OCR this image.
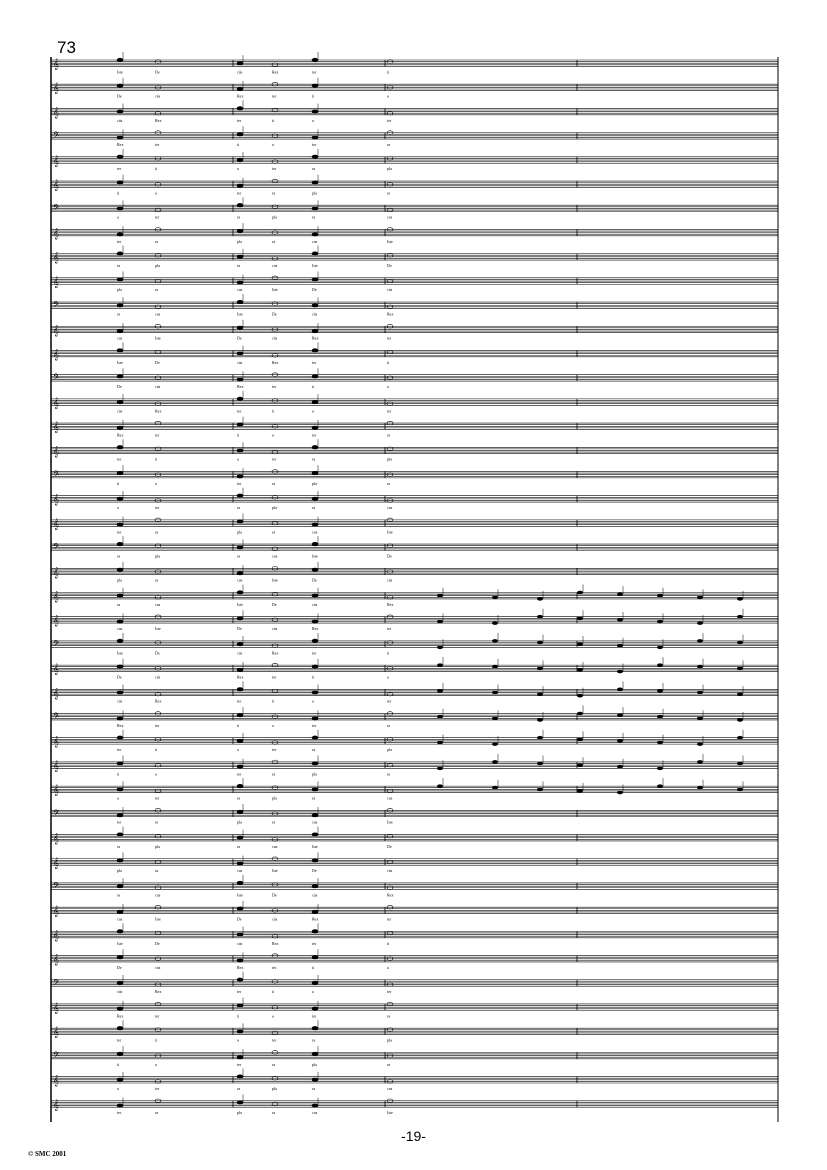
73
𝄞
Iste	De	cús	Rex	ter	ti
𝄞
De	cús	Rex	ter	ti	a
𝄞
cús	Rex	ter	ti	a	ter
𝄢
Rex	ter	ti	a	ter	ra
𝄞
ter	ti	a	ter	ra	pla
𝄞
ti	a	ter	ra	pla	ra
𝄢
a	ter	ra	pla	ra	cus
𝄞
ter	ra	pla	ra	cus	Iste
𝄞
ra	pla	ra	cus	Iste	De
𝄞
pla	ra	cus	Iste	De	cús
𝄢
ra	cus	Iste	De	cús	Rex
𝄞
cus	Iste	De	cús	Rex	ter
𝄞
Iste	De	cús	Rex	ter	ti
𝄢
De	cús	Rex	ter	ti	a
𝄞
cús	Rex	ter	ti	a	ter
𝄞
Rex	ter	ti	a	ter	ra
𝄞
ter	ti	a	ter	ra	pla
𝄢
ti	a	ter	ra	pla	ra
𝄞
a	ter	ra	pla	ra	cus
𝄞
ter	ra	pla	ra	cus	Iste
𝄢
ra	pla	ra	cus	Iste	De
𝄞
pla	ra	cus	Iste	De	cús
𝄞
ra	cus	Iste	De	cús	Rex
𝄞
cus	Iste	De	cús	Rex	ter
𝄢
Iste	De	cús	Rex	ter	ti
𝄞
De	cús	Rex	ter	ti	a
𝄞
cús	Rex	ter	ti	a	ter
𝄢
Rex	ter	ti	a	ter	ra
𝄞
ter	ti	a	ter	ra	pla
𝄞
ti	a	ter	ra	pla	ra
𝄞
a	ter	ra	pla	ra	cus
𝄢
ter	ra	pla	ra	cus	Iste
𝄞
ra	pla	ra	cus	Iste	De
𝄞
pla	ra	cus	Iste	De	cús
𝄢
ra	cus	Iste	De	cús	Rex
𝄞
cus	Iste	De	cús	Rex	ter
𝄞
Iste	De	cús	Rex	ter	ti
𝄞
De	cús	Rex	ter	ti	a
𝄢
cús	Rex	ter	ti	a	ter
𝄞
Rex	ter	ti	a	ter	ra
𝄞
ter	ti	a	ter	ra	pla
𝄢
ti	a	ter	ra	pla	ra
𝄞
a	ter	ra	pla	ra	cus
𝄞
ter	ra	pla	ra	cus	Iste
-19-
© SMC 2001
